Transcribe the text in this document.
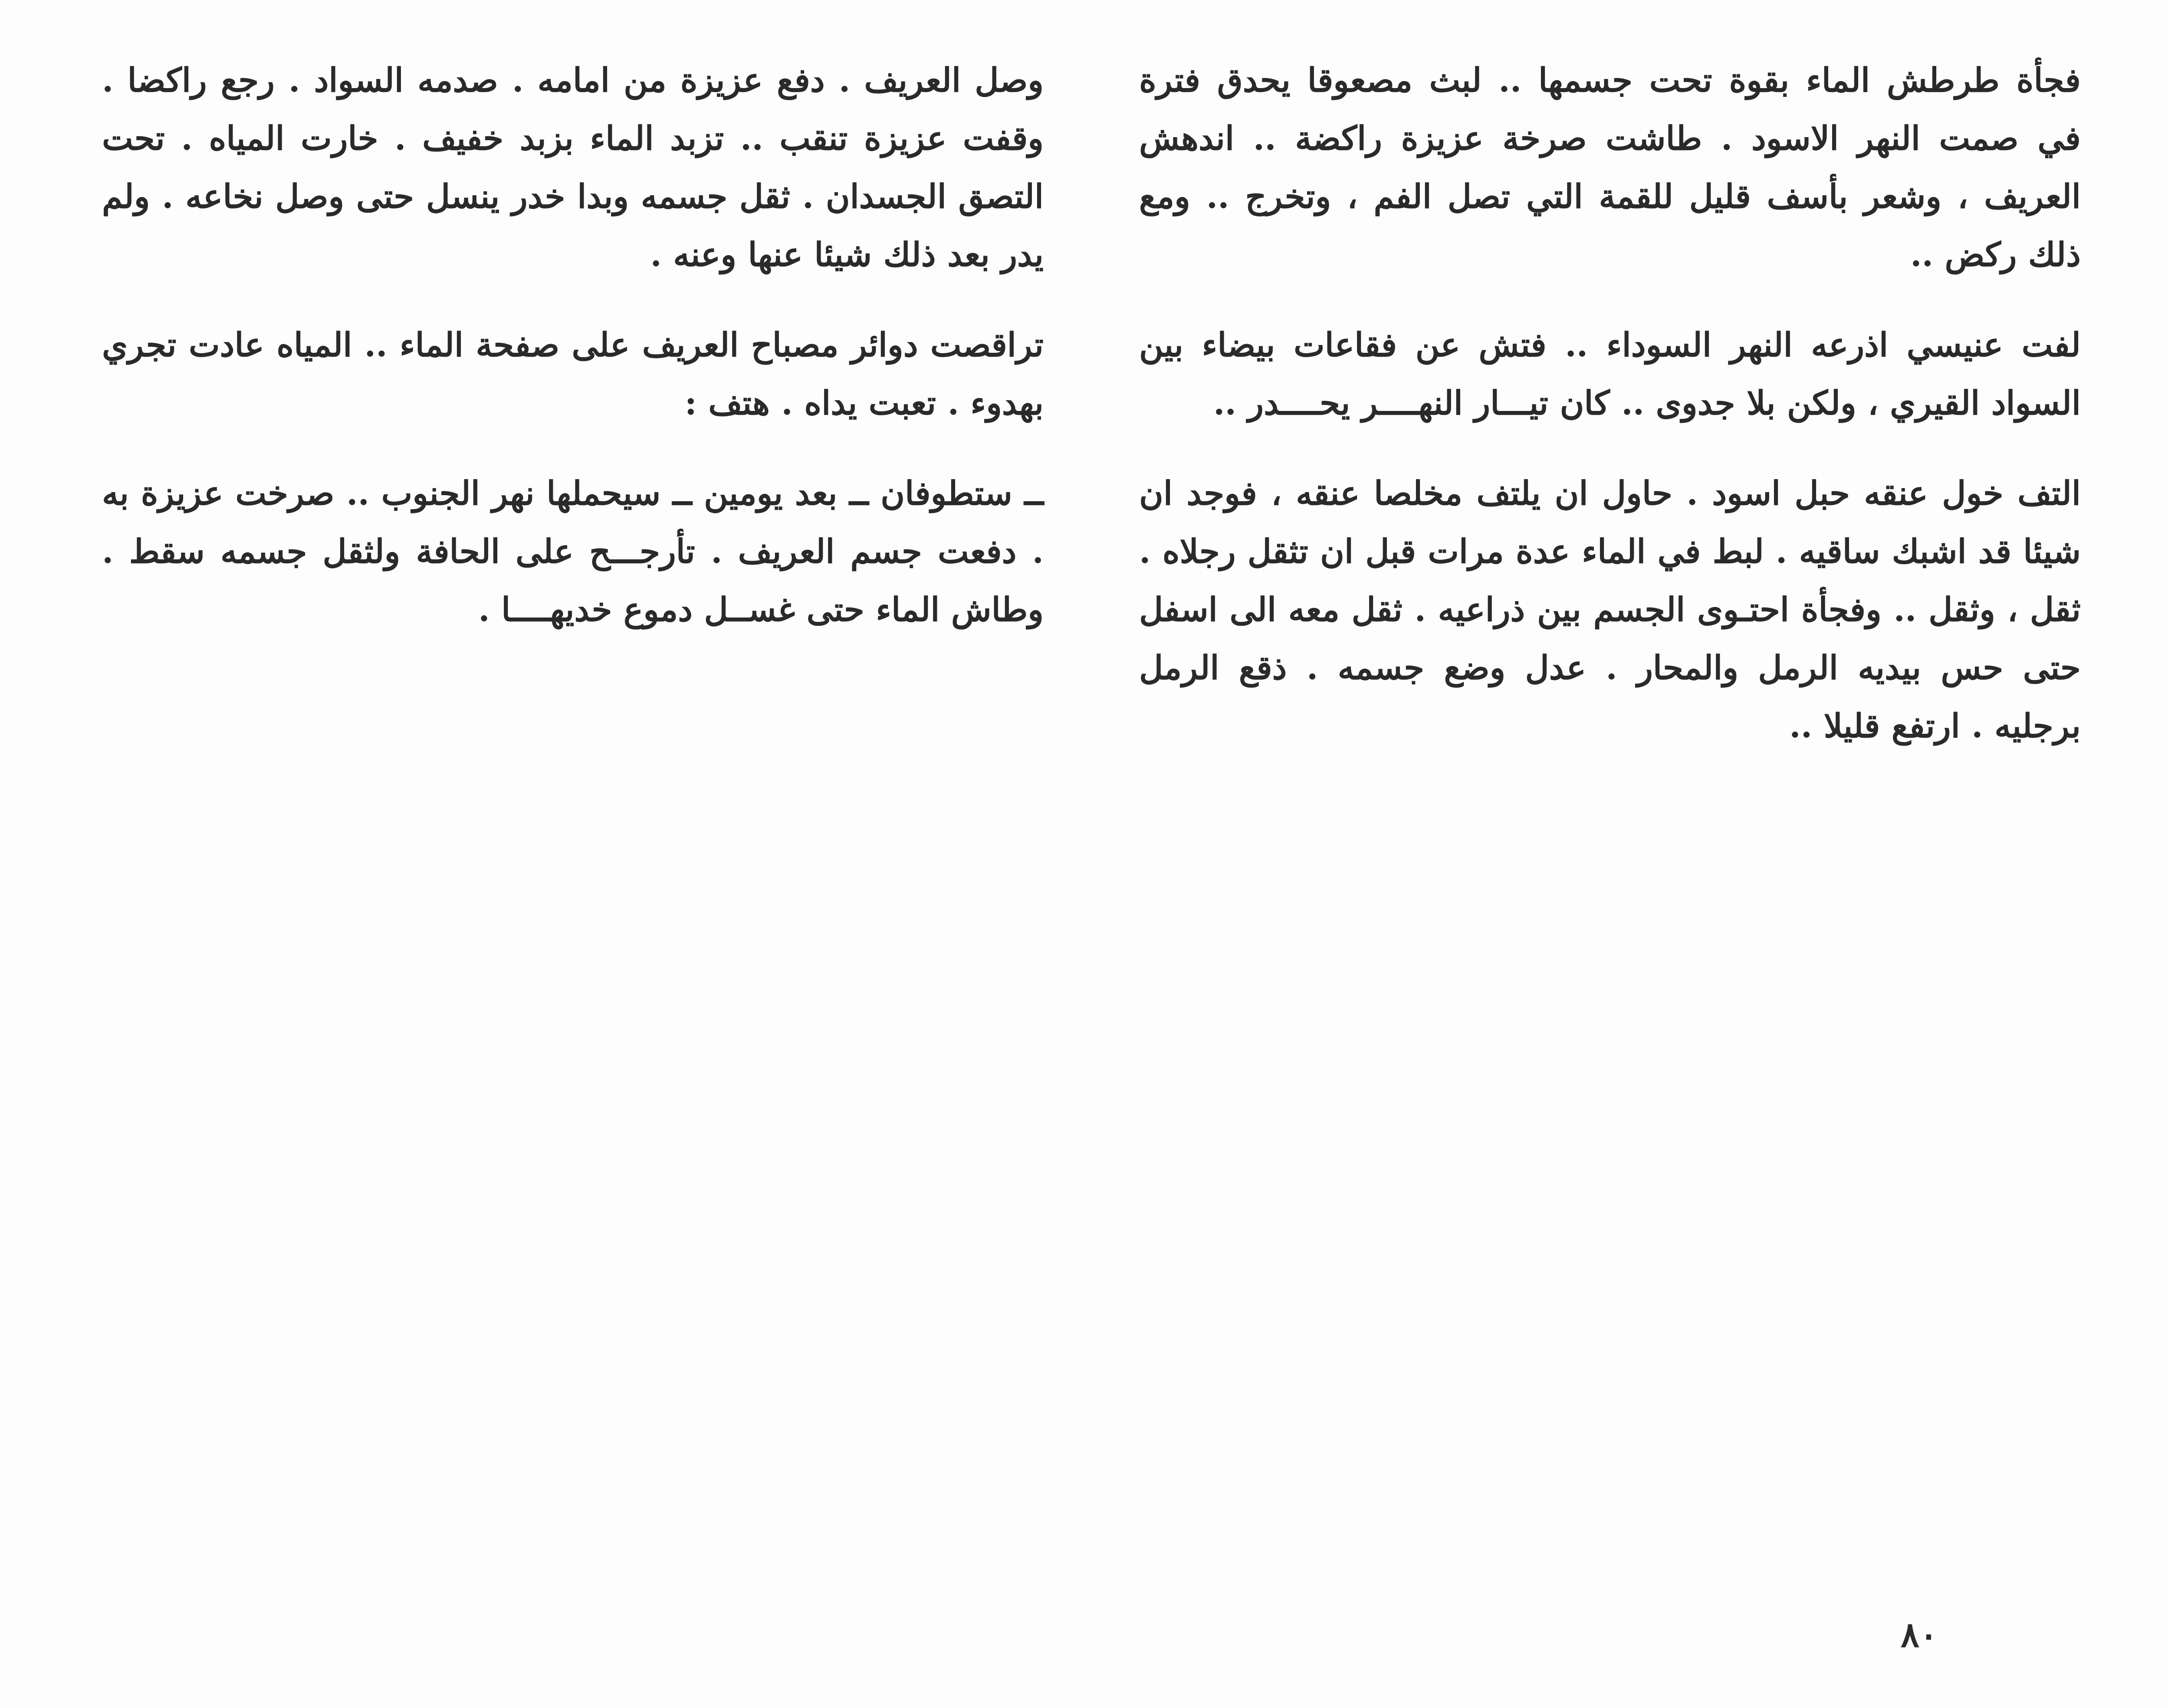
فجأة طرطش الماء بقوة تحت جسمها .. لبث مصعوقا يحدق فترة في صمت النهر الاسود . طاشت صرخة عزيزة راكضة .. اندهش العريف ، وشعر بأسف قليل للقمة التي تصل الفم ، وتخرج .. ومع ذلك ركض ..

لفت عنيسي اذرعه النهر السوداء .. فتش عن فقاعات بيضاء بين السواد القيري ، ولكن بلا جدوى .. كان تيـــار النهــــر يحــــدر ..

التف خول عنقه حبل اسود . حاول ان يلتف مخلصا عنقه ، فوجد ان شيئا قد اشبك ساقيه . لبط في الماء عدة مرات قبل ان تثقل رجلاه . ثقل ، وثقل .. وفجأة احتـوى الجسم بين ذراعيه . ثقل معه الى اسفل حتى حس بيديه الرمل والمحار . عدل وضع جسمه . ذقع الرمل برجليه . ارتفع قليلا ..

وصل العريف . دفع عزيزة من امامه . صدمه السواد . رجع راكضا . وقفت عزيزة تنقب .. تزبد الماء بزبد خفيف . خارت المياه . تحت التصق الجسدان . ثقل جسمه وبدا خدر ينسل حتى وصل نخاعه . ولم يدر بعد ذلك شيئا عنها وعنه .

تراقصت دوائر مصباح العريف على صفحة الماء .. المياه عادت تجري بهدوء . تعبت يداه . هتف :

ــ ستطوفان ــ بعد يومين ــ سيحملها نهر الجنوب .. صرخت عزيزة به . دفعت جسم العريف . تأرجـــح على الحافة ولثقل جسمه سقط . وطاش الماء حتى غســل دموع خديهــــا .

٨٠
